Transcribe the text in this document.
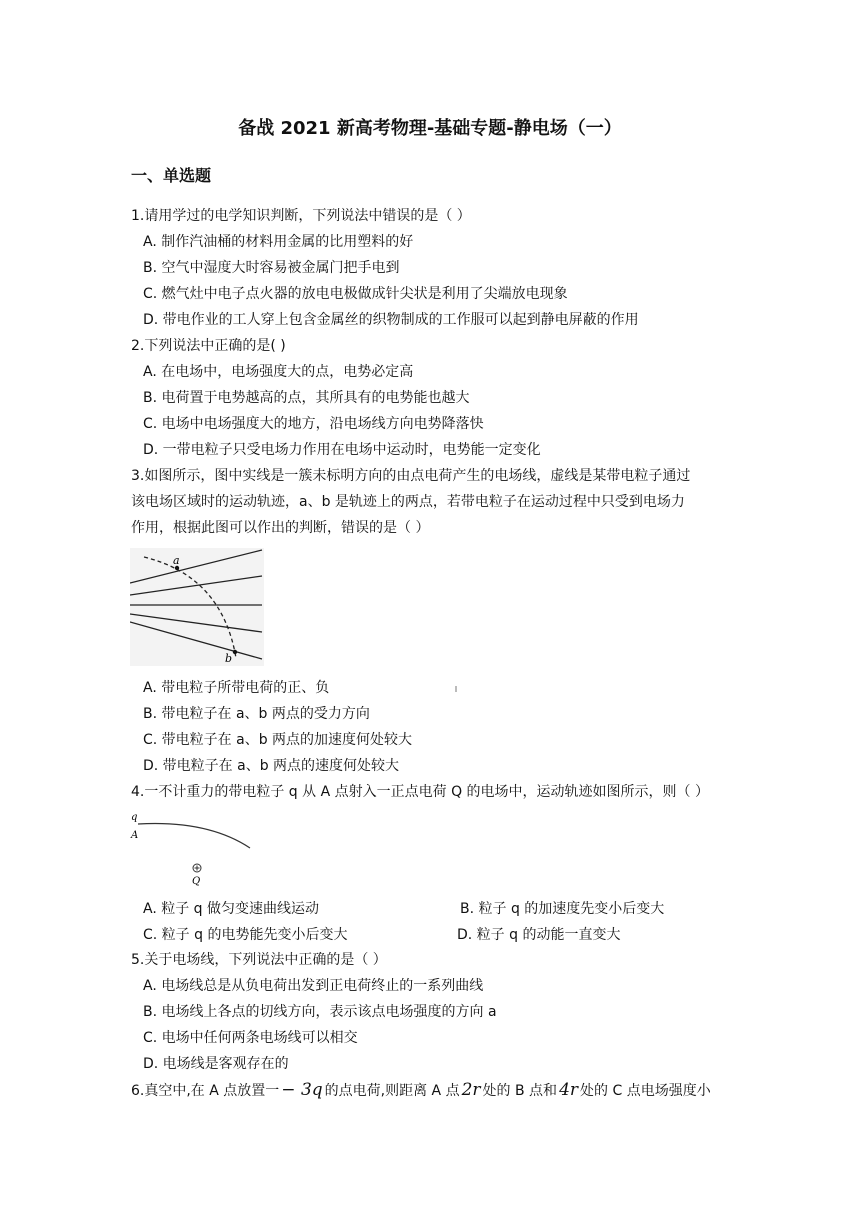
备战 2021 新高考物理-基础专题-静电场（一）
一、单选题
1.请用学过的电学知识判断，下列说法中错误的是（ ）
A. 制作汽油桶的材料用金属的比用塑料的好
B. 空气中湿度大时容易被金属门把手电到
C. 燃气灶中电子点火器的放电电极做成针尖状是利用了尖端放电现象
D. 带电作业的工人穿上包含金属丝的织物制成的工作服可以起到静电屏蔽的作用
2.下列说法中正确的是( )
A. 在电场中，电场强度大的点，电势必定高
B. 电荷置于电势越高的点，其所具有的电势能也越大
C. 电场中电场强度大的地方，沿电场线方向电势降落快
D. 一带电粒子只受电场力作用在电场中运动时，电势能一定变化
3.如图所示，图中实线是一簇未标明方向的由点电荷产生的电场线，虚线是某带电粒子通过
该电场区域时的运动轨迹，a、b 是轨迹上的两点，若带电粒子在运动过程中只受到电场力
作用，根据此图可以作出的判断，错误的是（ ）
a
b
A. 带电粒子所带电荷的正、负
B. 带电粒子在 a、b 两点的受力方向
C. 带电粒子在 a、b 两点的加速度何处较大
D. 带电粒子在 a、b 两点的速度何处较大
4.一不计重力的带电粒子 q 从 A 点射入一正点电荷 Q 的电场中，运动轨迹如图所示，则（ ）
q
A
Q
A. 粒子 q 做匀变速曲线运动	B. 粒子 q 的加速度先变小后变大
C. 粒子 q 的电势能先变小后变大	D. 粒子 q 的动能一直变大
5.关于电场线，下列说法中正确的是（ ）
A. 电场线总是从负电荷出发到正电荷终止的一系列曲线
B. 电场线上各点的切线方向，表示该点电场强度的方向 a
C. 电场中任何两条电场线可以相交
D. 电场线是客观存在的
6.真空中,在 A 点放置一 − 3q 的点电荷,则距离 A 点 2r 处的 B 点和 4r 处的 C 点电场强度小
